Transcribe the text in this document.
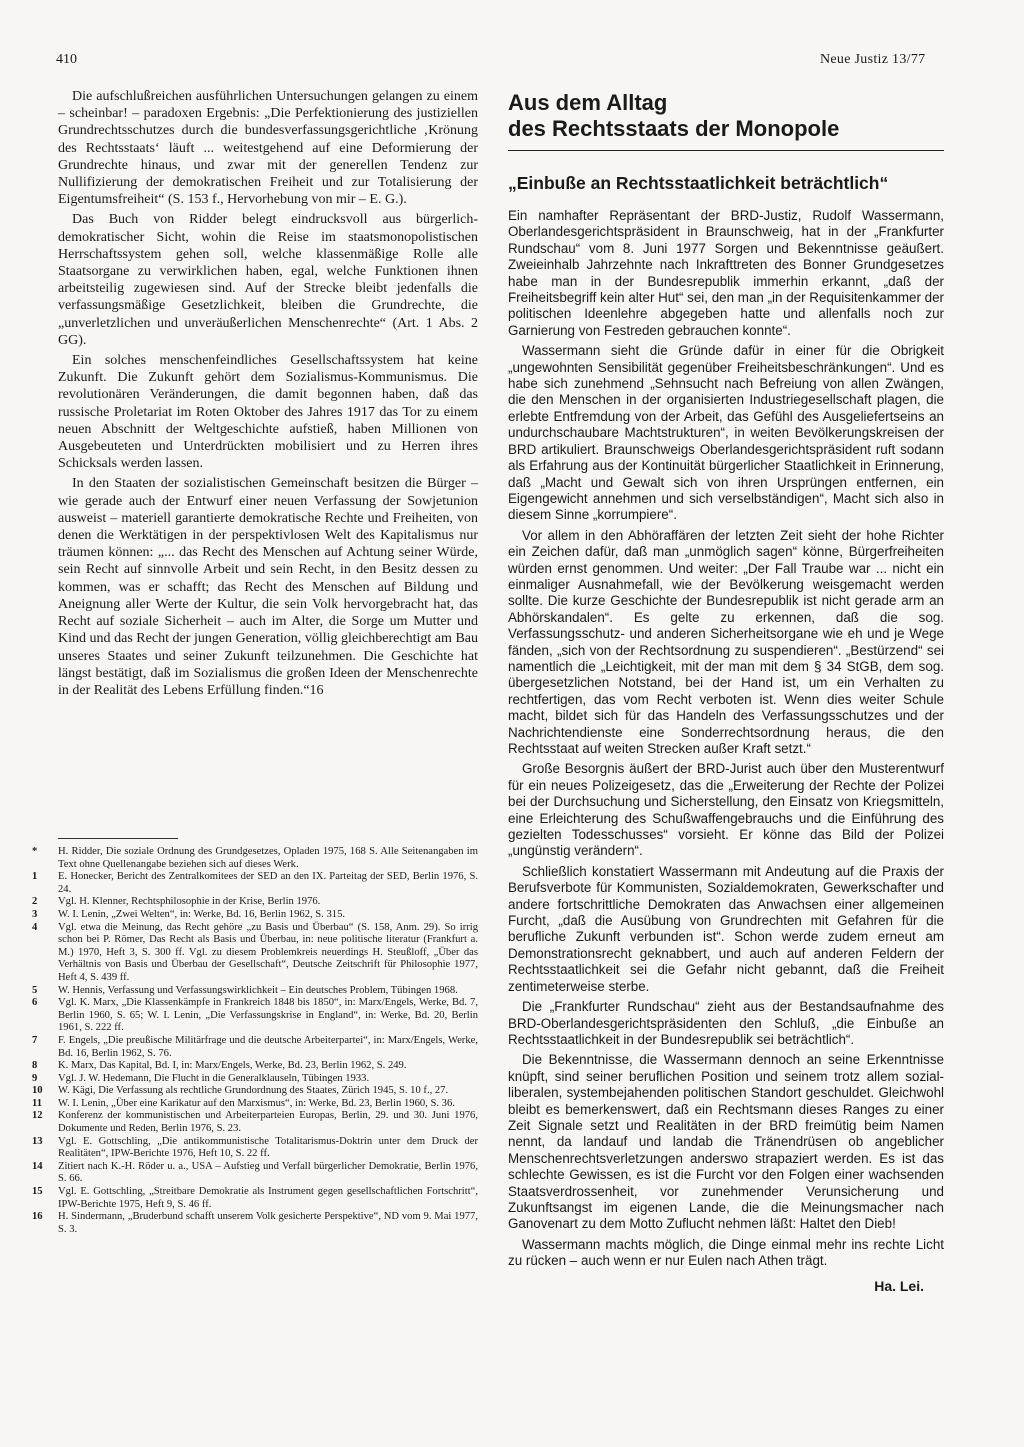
410	Neue Justiz 13/77

Die aufschlußreichen ausführlichen Untersuchungen gelangen zu einem – scheinbar! – paradoxen Ergebnis: „Die Perfektionierung des justiziellen Grundrechtsschutzes durch die bundesverfassungsgerichtliche ‚Krönung des Rechtsstaats‘ läuft ... weitestgehend auf eine Deformierung der Grundrechte hinaus, und zwar mit der generellen Tendenz zur Nullifizierung der demokratischen Freiheit und zur Totalisierung der Eigentumsfreiheit“ (S. 153 f., Hervorhebung von mir – E. G.).

Das Buch von Ridder belegt eindrucksvoll aus bürgerlich-demokratischer Sicht, wohin die Reise im staatsmonopolistischen Herrschaftssystem gehen soll, welche klassenmäßige Rolle alle Staatsorgane zu verwirklichen haben, egal, welche Funktionen ihnen arbeitsteilig zugewiesen sind. Auf der Strecke bleibt jedenfalls die verfassungsmäßige Gesetzlichkeit, bleiben die Grundrechte, die „unverletzlichen und unveräußerlichen Menschenrechte“ (Art. 1 Abs. 2 GG).

Ein solches menschenfeindliches Gesellschaftssystem hat keine Zukunft. Die Zukunft gehört dem Sozialismus-Kommunismus. Die revolutionären Veränderungen, die damit begonnen haben, daß das russische Proletariat im Roten Oktober des Jahres 1917 das Tor zu einem neuen Abschnitt der Weltgeschichte aufstieß, haben Millionen von Ausgebeuteten und Unterdrückten mobilisiert und zu Herren ihres Schicksals werden lassen.

In den Staaten der sozialistischen Gemeinschaft besitzen die Bürger – wie gerade auch der Entwurf einer neuen Verfassung der Sowjetunion ausweist – materiell garantierte demokratische Rechte und Freiheiten, von denen die Werktätigen in der perspektivlosen Welt des Kapitalismus nur träumen können: „... das Recht des Menschen auf Achtung seiner Würde, sein Recht auf sinnvolle Arbeit und sein Recht, in den Besitz dessen zu kommen, was er schafft; das Recht des Menschen auf Bildung und Aneignung aller Werte der Kultur, die sein Volk hervorgebracht hat, das Recht auf soziale Sicherheit – auch im Alter, die Sorge um Mutter und Kind und das Recht der jungen Generation, völlig gleichberechtigt am Bau unseres Staates und seiner Zukunft teilzunehmen. Die Geschichte hat längst bestätigt, daß im Sozialismus die großen Ideen der Menschenrechte in der Realität des Lebens Erfüllung finden.“16

*	H. Ridder, Die soziale Ordnung des Grundgesetzes, Opladen 1975, 168 S. Alle Seitenangaben im Text ohne Quellenangabe beziehen sich auf dieses Werk.
1	E. Honecker, Bericht des Zentralkomitees der SED an den IX. Parteitag der SED, Berlin 1976, S. 24.
2	Vgl. H. Klenner, Rechtsphilosophie in der Krise, Berlin 1976.
3	W. I. Lenin, „Zwei Welten“, in: Werke, Bd. 16, Berlin 1962, S. 315.
4	Vgl. etwa die Meinung, das Recht gehöre „zu Basis und Überbau“ (S. 158, Anm. 29). So irrig schon bei P. Römer, Das Recht als Basis und Überbau, in: neue politische literatur (Frankfurt a. M.) 1970, Heft 3, S. 300 ff. Vgl. zu diesem Problemkreis neuerdings H. Steußloff, „Über das Verhältnis von Basis und Überbau der Gesellschaft“, Deutsche Zeitschrift für Philosophie 1977, Heft 4, S. 439 ff.
5	W. Hennis, Verfassung und Verfassungswirklichkeit – Ein deutsches Problem, Tübingen 1968.
6	Vgl. K. Marx, „Die Klassenkämpfe in Frankreich 1848 bis 1850“, in: Marx/Engels, Werke, Bd. 7, Berlin 1960, S. 65; W. I. Lenin, „Die Verfassungskrise in England“, in: Werke, Bd. 20, Berlin 1961, S. 222 ff.
7	F. Engels, „Die preußische Militärfrage und die deutsche Arbeiterpartei“, in: Marx/Engels, Werke, Bd. 16, Berlin 1962, S. 76.
8	K. Marx, Das Kapital, Bd. I, in: Marx/Engels, Werke, Bd. 23, Berlin 1962, S. 249.
9	Vgl. J. W. Hedemann, Die Flucht in die Generalklauseln, Tübingen 1933.
10	W. Kägi, Die Verfassung als rechtliche Grundordnung des Staates, Zürich 1945, S. 10 f., 27.
11	W. I. Lenin, „Über eine Karikatur auf den Marxismus“, in: Werke, Bd. 23, Berlin 1960, S. 36.
12	Konferenz der kommunistischen und Arbeiterparteien Europas, Berlin, 29. und 30. Juni 1976, Dokumente und Reden, Berlin 1976, S. 23.
13	Vgl. E. Gottschling, „Die antikommunistische Totalitarismus-Doktrin unter dem Druck der Realitäten“, IPW-Berichte 1976, Heft 10, S. 22 ff.
14	Zitiert nach K.-H. Röder u. a., USA – Aufstieg und Verfall bürgerlicher Demokratie, Berlin 1976, S. 66.
15	Vgl. E. Gottschling, „Streitbare Demokratie als Instrument gegen gesellschaftlichen Fortschritt“, IPW-Berichte 1975, Heft 9, S. 46 ff.
16	H. Sindermann, „Bruderbund schafft unserem Volk gesicherte Perspektive“, ND vom 9. Mai 1977, S. 3.
Aus dem Alltag
des Rechtsstaats der Monopole
„Einbuße an Rechtsstaatlichkeit beträchtlich“

Ein namhafter Repräsentant der BRD-Justiz, Rudolf Wassermann, Oberlandesgerichtspräsident in Braunschweig, hat in der „Frankfurter Rundschau“ vom 8. Juni 1977 Sorgen und Bekenntnisse geäußert. Zweieinhalb Jahrzehnte nach Inkrafttreten des Bonner Grundgesetzes habe man in der Bundesrepublik immerhin erkannt, „daß der Freiheitsbegriff kein alter Hut“ sei, den man „in der Requisitenkammer der politischen Ideenlehre abgegeben hatte und allenfalls noch zur Garnierung von Festreden gebrauchen konnte“.

Wassermann sieht die Gründe dafür in einer für die Obrigkeit „ungewohnten Sensibilität gegenüber Freiheitsbeschränkungen“. Und es habe sich zunehmend „Sehnsucht nach Befreiung von allen Zwängen, die den Menschen in der organisierten Industriegesellschaft plagen, die erlebte Entfremdung von der Arbeit, das Gefühl des Ausgeliefertseins an undurchschaubare Machtstrukturen“, in weiten Bevölkerungskreisen der BRD artikuliert. Braunschweigs Oberlandesgerichtspräsident ruft sodann als Erfahrung aus der Kontinuität bürgerlicher Staatlichkeit in Erinnerung, daß „Macht und Gewalt sich von ihren Ursprüngen entfernen, ein Eigengewicht annehmen und sich verselbständigen“, Macht sich also in diesem Sinne „korrumpiere“.

Vor allem in den Abhöraffären der letzten Zeit sieht der hohe Richter ein Zeichen dafür, daß man „unmöglich sagen“ könne, Bürgerfreiheiten würden ernst genommen. Und weiter: „Der Fall Traube war ... nicht ein einmaliger Ausnahmefall, wie der Bevölkerung weisgemacht werden sollte. Die kurze Geschichte der Bundesrepublik ist nicht gerade arm an Abhörskandalen“. Es gelte zu erkennen, daß die sog. Verfassungsschutz- und anderen Sicherheitsorgane wie eh und je Wege fänden, „sich von der Rechtsordnung zu suspendieren“. „Bestürzend“ sei namentlich die „Leichtigkeit, mit der man mit dem § 34 StGB, dem sog. übergesetzlichen Notstand, bei der Hand ist, um ein Verhalten zu rechtfertigen, das vom Recht verboten ist. Wenn dies weiter Schule macht, bildet sich für das Handeln des Verfassungsschutzes und der Nachrichtendienste eine Sonderrechtsordnung heraus, die den Rechtsstaat auf weiten Strecken außer Kraft setzt.“

Große Besorgnis äußert der BRD-Jurist auch über den Musterentwurf für ein neues Polizeigesetz, das die „Erweiterung der Rechte der Polizei bei der Durchsuchung und Sicherstellung, den Einsatz von Kriegsmitteln, eine Erleichterung des Schußwaffengebrauchs und die Einführung des gezielten Todesschusses“ vorsieht. Er könne das Bild der Polizei „ungünstig verändern“.

Schließlich konstatiert Wassermann mit Andeutung auf die Praxis der Berufsverbote für Kommunisten, Sozialdemokraten, Gewerkschafter und andere fortschrittliche Demokraten das Anwachsen einer allgemeinen Furcht, „daß die Ausübung von Grundrechten mit Gefahren für die berufliche Zukunft verbunden ist“. Schon werde zudem erneut am Demonstrationsrecht geknabbert, und auch auf anderen Feldern der Rechtsstaatlichkeit sei die Gefahr nicht gebannt, daß die Freiheit zentimeterweise sterbe.

Die „Frankfurter Rundschau“ zieht aus der Bestandsaufnahme des BRD-Oberlandesgerichtspräsidenten den Schluß, „die Einbuße an Rechtsstaatlichkeit in der Bundesrepublik sei beträchtlich“.

Die Bekenntnisse, die Wassermann dennoch an seine Erkenntnisse knüpft, sind seiner beruflichen Position und seinem trotz allem sozial-liberalen, systembejahenden politischen Standort geschuldet. Gleichwohl bleibt es bemerkenswert, daß ein Rechtsmann dieses Ranges zu einer Zeit Signale setzt und Realitäten in der BRD freimütig beim Namen nennt, da landauf und landab die Tränendrüsen ob angeblicher Menschenrechtsverletzungen anderswo strapaziert werden. Es ist das schlechte Gewissen, es ist die Furcht vor den Folgen einer wachsenden Staatsverdrossenheit, vor zunehmender Verunsicherung und Zukunftsangst im eigenen Lande, die die Meinungsmacher nach Ganovenart zu dem Motto Zuflucht nehmen läßt: Haltet den Dieb!

Wassermann machts möglich, die Dinge einmal mehr ins rechte Licht zu rücken – auch wenn er nur Eulen nach Athen trägt.

Ha. Lei.
